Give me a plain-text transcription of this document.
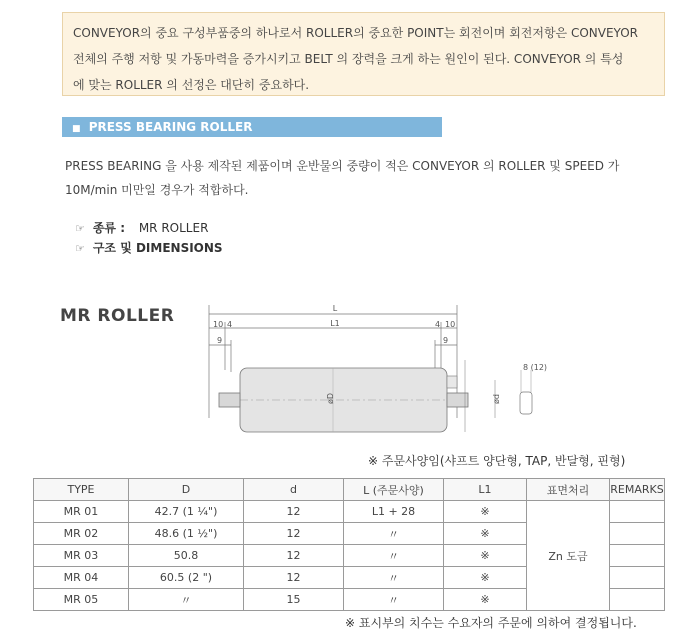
CONVEYOR의 중요 구성부품중의 하나로서 ROLLER의 중요한 POINT는 회전이며 회전저항은 CONVEYOR
전체의 주행 저항 및 가동마력을 증가시키고 BELT 의 장력을 크게 하는 원인이 된다. CONVEYOR 의 특성
에 맞는 ROLLER 의 선정은 대단히 중요하다.
■ PRESS BEARING ROLLER
PRESS BEARING 을 사용 제작된 제품이며 운반물의 중량이 적은 CONVEYOR 의 ROLLER 및 SPEED 가
10M/min 미만일 경우가 적합하다.
☞ 종류 : MR ROLLER
☞ 구조 및 DIMENSIONS
MR ROLLER	L
L1
10 4
9
4 10
9
øD	ød
8 (12)
※ 주문사양임(샤프트 양단형, TAP, 반달형, 핀형)
TYPE	D	d	L (주문사양)	L1	표면처리	REMARKS
MR 01	42.7 (1 ¼")	12	L1 + 28	※	Zn 도금	
MR 02	48.6 (1 ½")	12	〃	※		
MR 03	50.8	12	〃	※		
MR 04	60.5 (2 ")	12	〃	※		
MR 05	〃	15	〃	※		
※ 표시부의 치수는 수요자의 주문에 의하여 결정됩니다.
